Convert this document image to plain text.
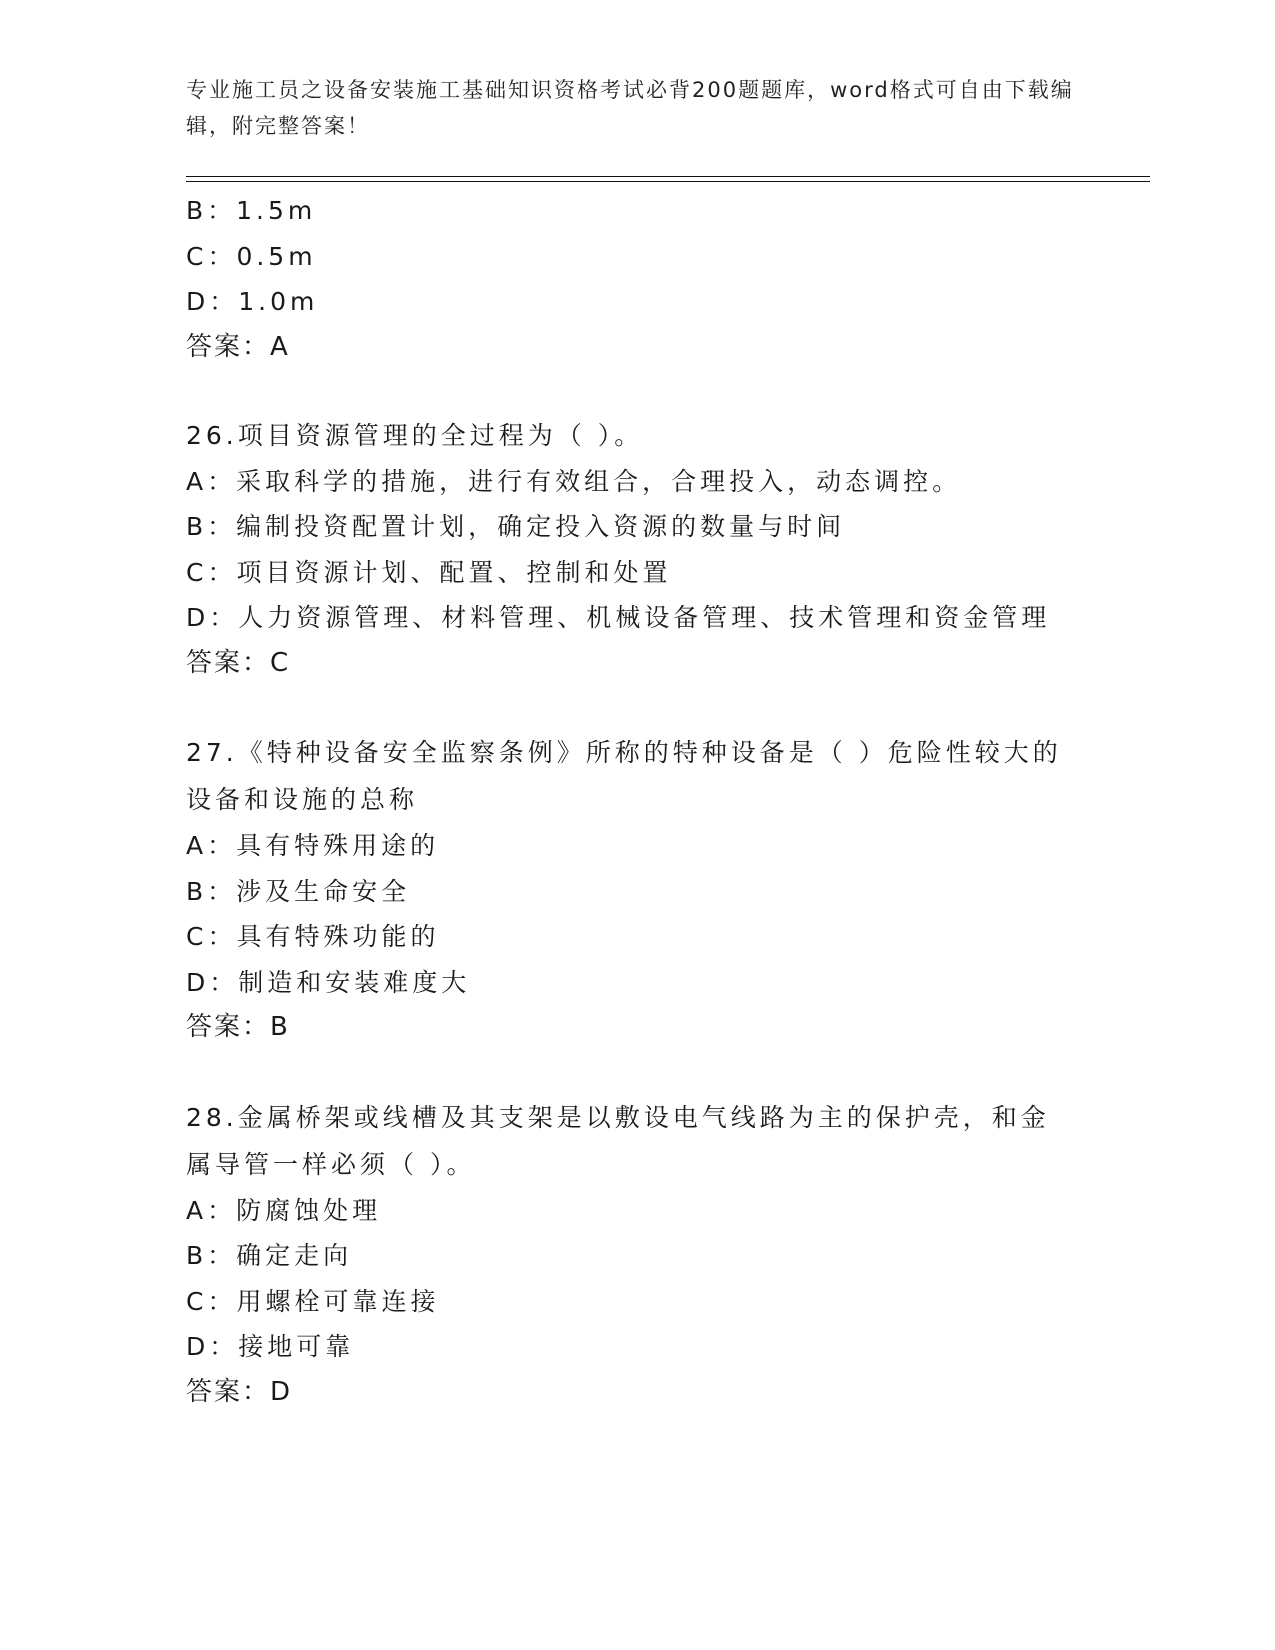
专业施工员之设备安装施工基础知识资格考试必背200题题库，word格式可自由下载编辑，附完整答案！
B：1.5m
C：0.5m
D：1.0m
答案：A
26.项目资源管理的全过程为（ ）。
A：采取科学的措施，进行有效组合，合理投入，动态调控。
B：编制投资配置计划，确定投入资源的数量与时间
C：项目资源计划、配置、控制和处置
D：人力资源管理、材料管理、机械设备管理、技术管理和资金管理
答案：C
27.《特种设备安全监察条例》所称的特种设备是（ ）危险性较大的设备和设施的总称
A：具有特殊用途的
B：涉及生命安全
C：具有特殊功能的
D：制造和安装难度大
答案：B
28.金属桥架或线槽及其支架是以敷设电气线路为主的保护壳，和金属导管一样必须（ ）。
A：防腐蚀处理
B：确定走向
C：用螺栓可靠连接
D：接地可靠
答案：D
